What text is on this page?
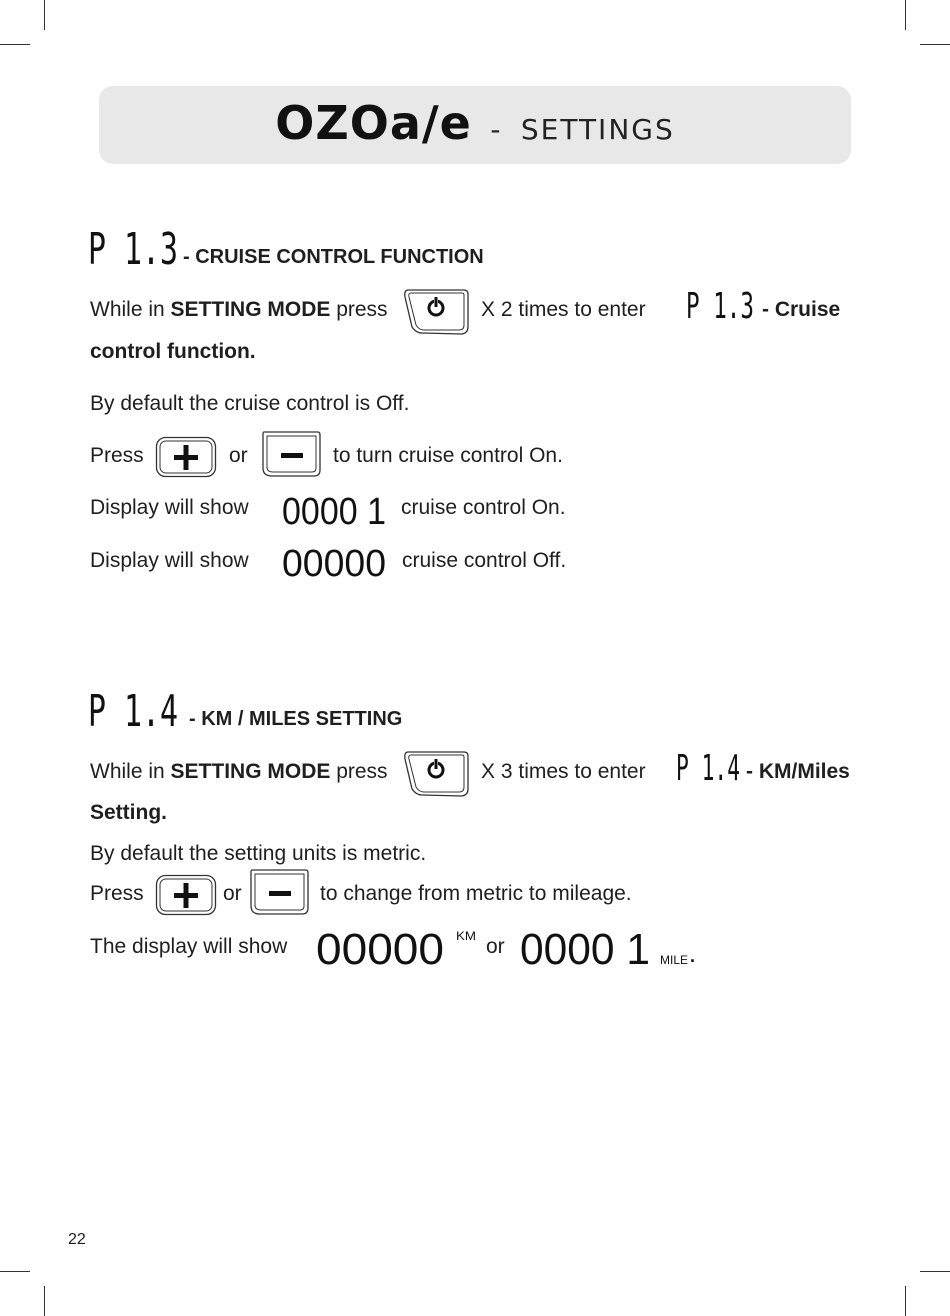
OZOa/e - SETTINGS
P 1.3 - CRUISE CONTROL FUNCTION
While in SETTING MODE press	X 2 times to enter P 1.3 - Cruise
control function.
By default the cruise control is Off.
Press	or	to turn cruise control On.
Display will show 0000 1 cruise control On.
Display will show 00000 cruise control Off.
P 1.4 - KM / MILES SETTING
While in SETTING MODE press	X 3 times to enter P 1.4 - KM/Miles
Setting.
By default the setting units is metric.
Press	or	to change from metric to mileage.
The display will show 00000 KM or 0000 1 MILE .
22
